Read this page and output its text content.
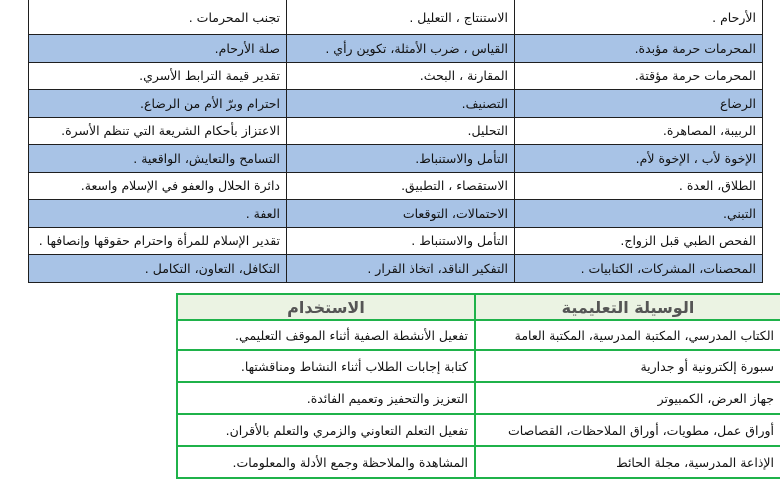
الأرحام .	الاستنتاج ، التعليل .	تجنب المحرمات .
المحرمات حرمة مؤبدة.	القياس ، ضرب الأمثلة، تكوين رأي .	صلة الأرحام.
المحرمات حرمة مؤقتة.	المقارنة ، البحث.	تقدير قيمة الترابط الأسري.
الرضاع	التصنيف.	احترام وبرّ الأم من الرضاع.
الربيبة، المصاهرة.	التحليل.	الاعتزاز بأحكام الشريعة التي تنظم الأسرة.
الإخوة لأب ، الإخوة لأم.	التأمل والاستنباط.	التسامح والتعايش، الواقعية .
الطلاق، العدة .	الاستقصاء ، التطبيق.	دائرة الحلال والعفو في الإسلام واسعة.
التبني.	الاحتمالات، التوقعات	العفة .
الفحص الطبي قبل الزواج.	التأمل والاستنباط .	تقدير الإسلام للمرأة واحترام حقوقها وإنصافها .
المحصنات، المشركات، الكتابيات .	التفكير الناقد، اتخاذ القرار .	التكافل، التعاون، التكامل .
الوسيلة التعليمية	الاستخدام
الكتاب المدرسي، المكتبة المدرسية، المكتبة العامة	تفعيل الأنشطة الصفية أثناء الموقف التعليمي.
سبورة إلكترونية أو جدارية	كتابة إجابات الطلاب أثناء النشاط ومناقشتها.
جهاز العرض، الكمبيوتر	التعزيز والتحفيز وتعميم الفائدة.
أوراق عمل، مطويات، أوراق الملاحظات، القصاصات	تفعيل التعلم التعاوني والزمري والتعلم بالأقران.
الإذاعة المدرسية، مجلة الحائط	المشاهدة والملاحظة وجمع الأدلة والمعلومات.
